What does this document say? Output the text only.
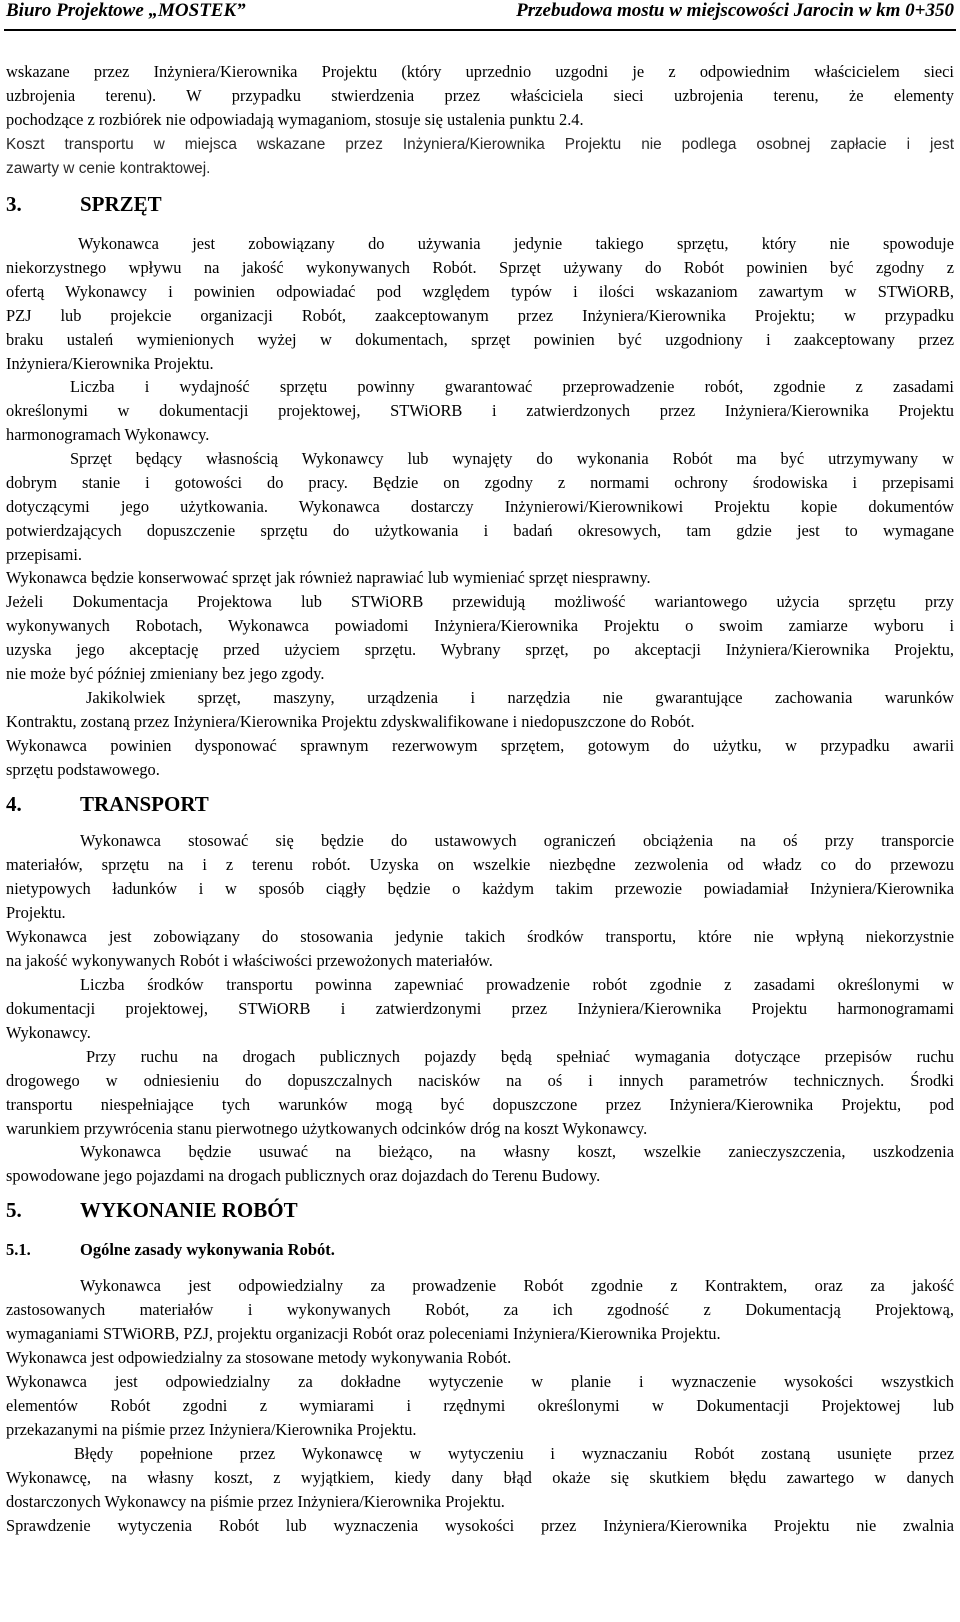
Biuro Projektowe „MOSTEK”	Przebudowa mostu w miejscowości Jarocin w km 0+350
wskazane przez Inżyniera/Kierownika Projektu (który uprzednio uzgodni je z odpowiednim właścicielem sieci
uzbrojenia terenu). W przypadku stwierdzenia przez właściciela sieci uzbrojenia terenu, że elementy
pochodzące z rozbiórek nie odpowiadają wymaganiom, stosuje się ustalenia punktu 2.4.
Koszt transportu w miejsca wskazane przez Inżyniera/Kierownika Projektu nie podlega osobnej zapłacie i jest
zawarty w cenie kontraktowej.
3.	SPRZĘT
Wykonawca jest zobowiązany do używania jedynie takiego sprzętu, który nie spowoduje
niekorzystnego wpływu na jakość wykonywanych Robót. Sprzęt używany do Robót powinien być zgodny z
ofertą Wykonawcy i powinien odpowiadać pod względem typów i ilości wskazaniom zawartym w STWiORB,
PZJ lub projekcie organizacji Robót, zaakceptowanym przez Inżyniera/Kierownika Projektu; w przypadku
braku ustaleń wymienionych wyżej w dokumentach, sprzęt powinien być uzgodniony i zaakceptowany przez
Inżyniera/Kierownika Projektu.
Liczba i wydajność sprzętu powinny gwarantować przeprowadzenie robót, zgodnie z zasadami
określonymi w dokumentacji projektowej, STWiORB i zatwierdzonych przez Inżyniera/Kierownika Projektu
harmonogramach Wykonawcy.
Sprzęt będący własnością Wykonawcy lub wynajęty do wykonania Robót ma być utrzymywany w
dobrym stanie i gotowości do pracy. Będzie on zgodny z normami ochrony środowiska i przepisami
dotyczącymi jego użytkowania. Wykonawca dostarczy Inżynierowi/Kierownikowi Projektu kopie dokumentów
potwierdzających dopuszczenie sprzętu do użytkowania i badań okresowych, tam gdzie jest to wymagane
przepisami.
Wykonawca będzie konserwować sprzęt jak również naprawiać lub wymieniać sprzęt niesprawny.
Jeżeli Dokumentacja Projektowa lub STWiORB przewidują możliwość wariantowego użycia sprzętu przy
wykonywanych Robotach, Wykonawca powiadomi Inżyniera/Kierownika Projektu o swoim zamiarze wyboru i
uzyska jego akceptację przed użyciem sprzętu. Wybrany sprzęt, po akceptacji Inżyniera/Kierownika Projektu,
nie może być później zmieniany bez jego zgody.
Jakikolwiek sprzęt, maszyny, urządzenia i narzędzia nie gwarantujące zachowania warunków
Kontraktu, zostaną przez Inżyniera/Kierownika Projektu zdyskwalifikowane i niedopuszczone do Robót.
Wykonawca powinien dysponować sprawnym rezerwowym sprzętem, gotowym do użytku, w przypadku awarii
sprzętu podstawowego.
4.	TRANSPORT
Wykonawca stosować się będzie do ustawowych ograniczeń obciążenia na oś przy transporcie
materiałów, sprzętu na i z terenu robót. Uzyska on wszelkie niezbędne zezwolenia od władz co do przewozu
nietypowych ładunków i w sposób ciągły będzie o każdym takim przewozie powiadamiał Inżyniera/Kierownika
Projektu.
Wykonawca jest zobowiązany do stosowania jedynie takich środków transportu, które nie wpłyną niekorzystnie
na jakość wykonywanych Robót i właściwości przewożonych materiałów.
Liczba środków transportu powinna zapewniać prowadzenie robót zgodnie z zasadami określonymi w
dokumentacji projektowej, STWiORB i zatwierdzonymi przez Inżyniera/Kierownika Projektu harmonogramami
Wykonawcy.
Przy ruchu na drogach publicznych pojazdy będą spełniać wymagania dotyczące przepisów ruchu
drogowego w odniesieniu do dopuszczalnych nacisków na oś i innych parametrów technicznych. Środki
transportu niespełniające tych warunków mogą być dopuszczone przez Inżyniera/Kierownika Projektu, pod
warunkiem przywrócenia stanu pierwotnego użytkowanych odcinków dróg na koszt Wykonawcy.
Wykonawca będzie usuwać na bieżąco, na własny koszt, wszelkie zanieczyszczenia, uszkodzenia
spowodowane jego pojazdami na drogach publicznych oraz dojazdach do Terenu Budowy.
5.	WYKONANIE ROBÓT
5.1.	Ogólne zasady wykonywania Robót.
Wykonawca jest odpowiedzialny za prowadzenie Robót zgodnie z Kontraktem, oraz za jakość
zastosowanych materiałów i wykonywanych Robót, za ich zgodność z Dokumentacją Projektową,
wymaganiami STWiORB, PZJ, projektu organizacji Robót oraz poleceniami Inżyniera/Kierownika Projektu.
Wykonawca jest odpowiedzialny za stosowane metody wykonywania Robót.
Wykonawca jest odpowiedzialny za dokładne wytyczenie w planie i wyznaczenie wysokości wszystkich
elementów Robót zgodni z wymiarami i rzędnymi określonymi w Dokumentacji Projektowej lub
przekazanymi na piśmie przez Inżyniera/Kierownika Projektu.
Błędy popełnione przez Wykonawcę w wytyczeniu i wyznaczaniu Robót zostaną usunięte przez
Wykonawcę, na własny koszt, z wyjątkiem, kiedy dany błąd okaże się skutkiem błędu zawartego w danych
dostarczonych Wykonawcy na piśmie przez Inżyniera/Kierownika Projektu.
Sprawdzenie wytyczenia Robót lub wyznaczenia wysokości przez Inżyniera/Kierownika Projektu nie zwalnia
